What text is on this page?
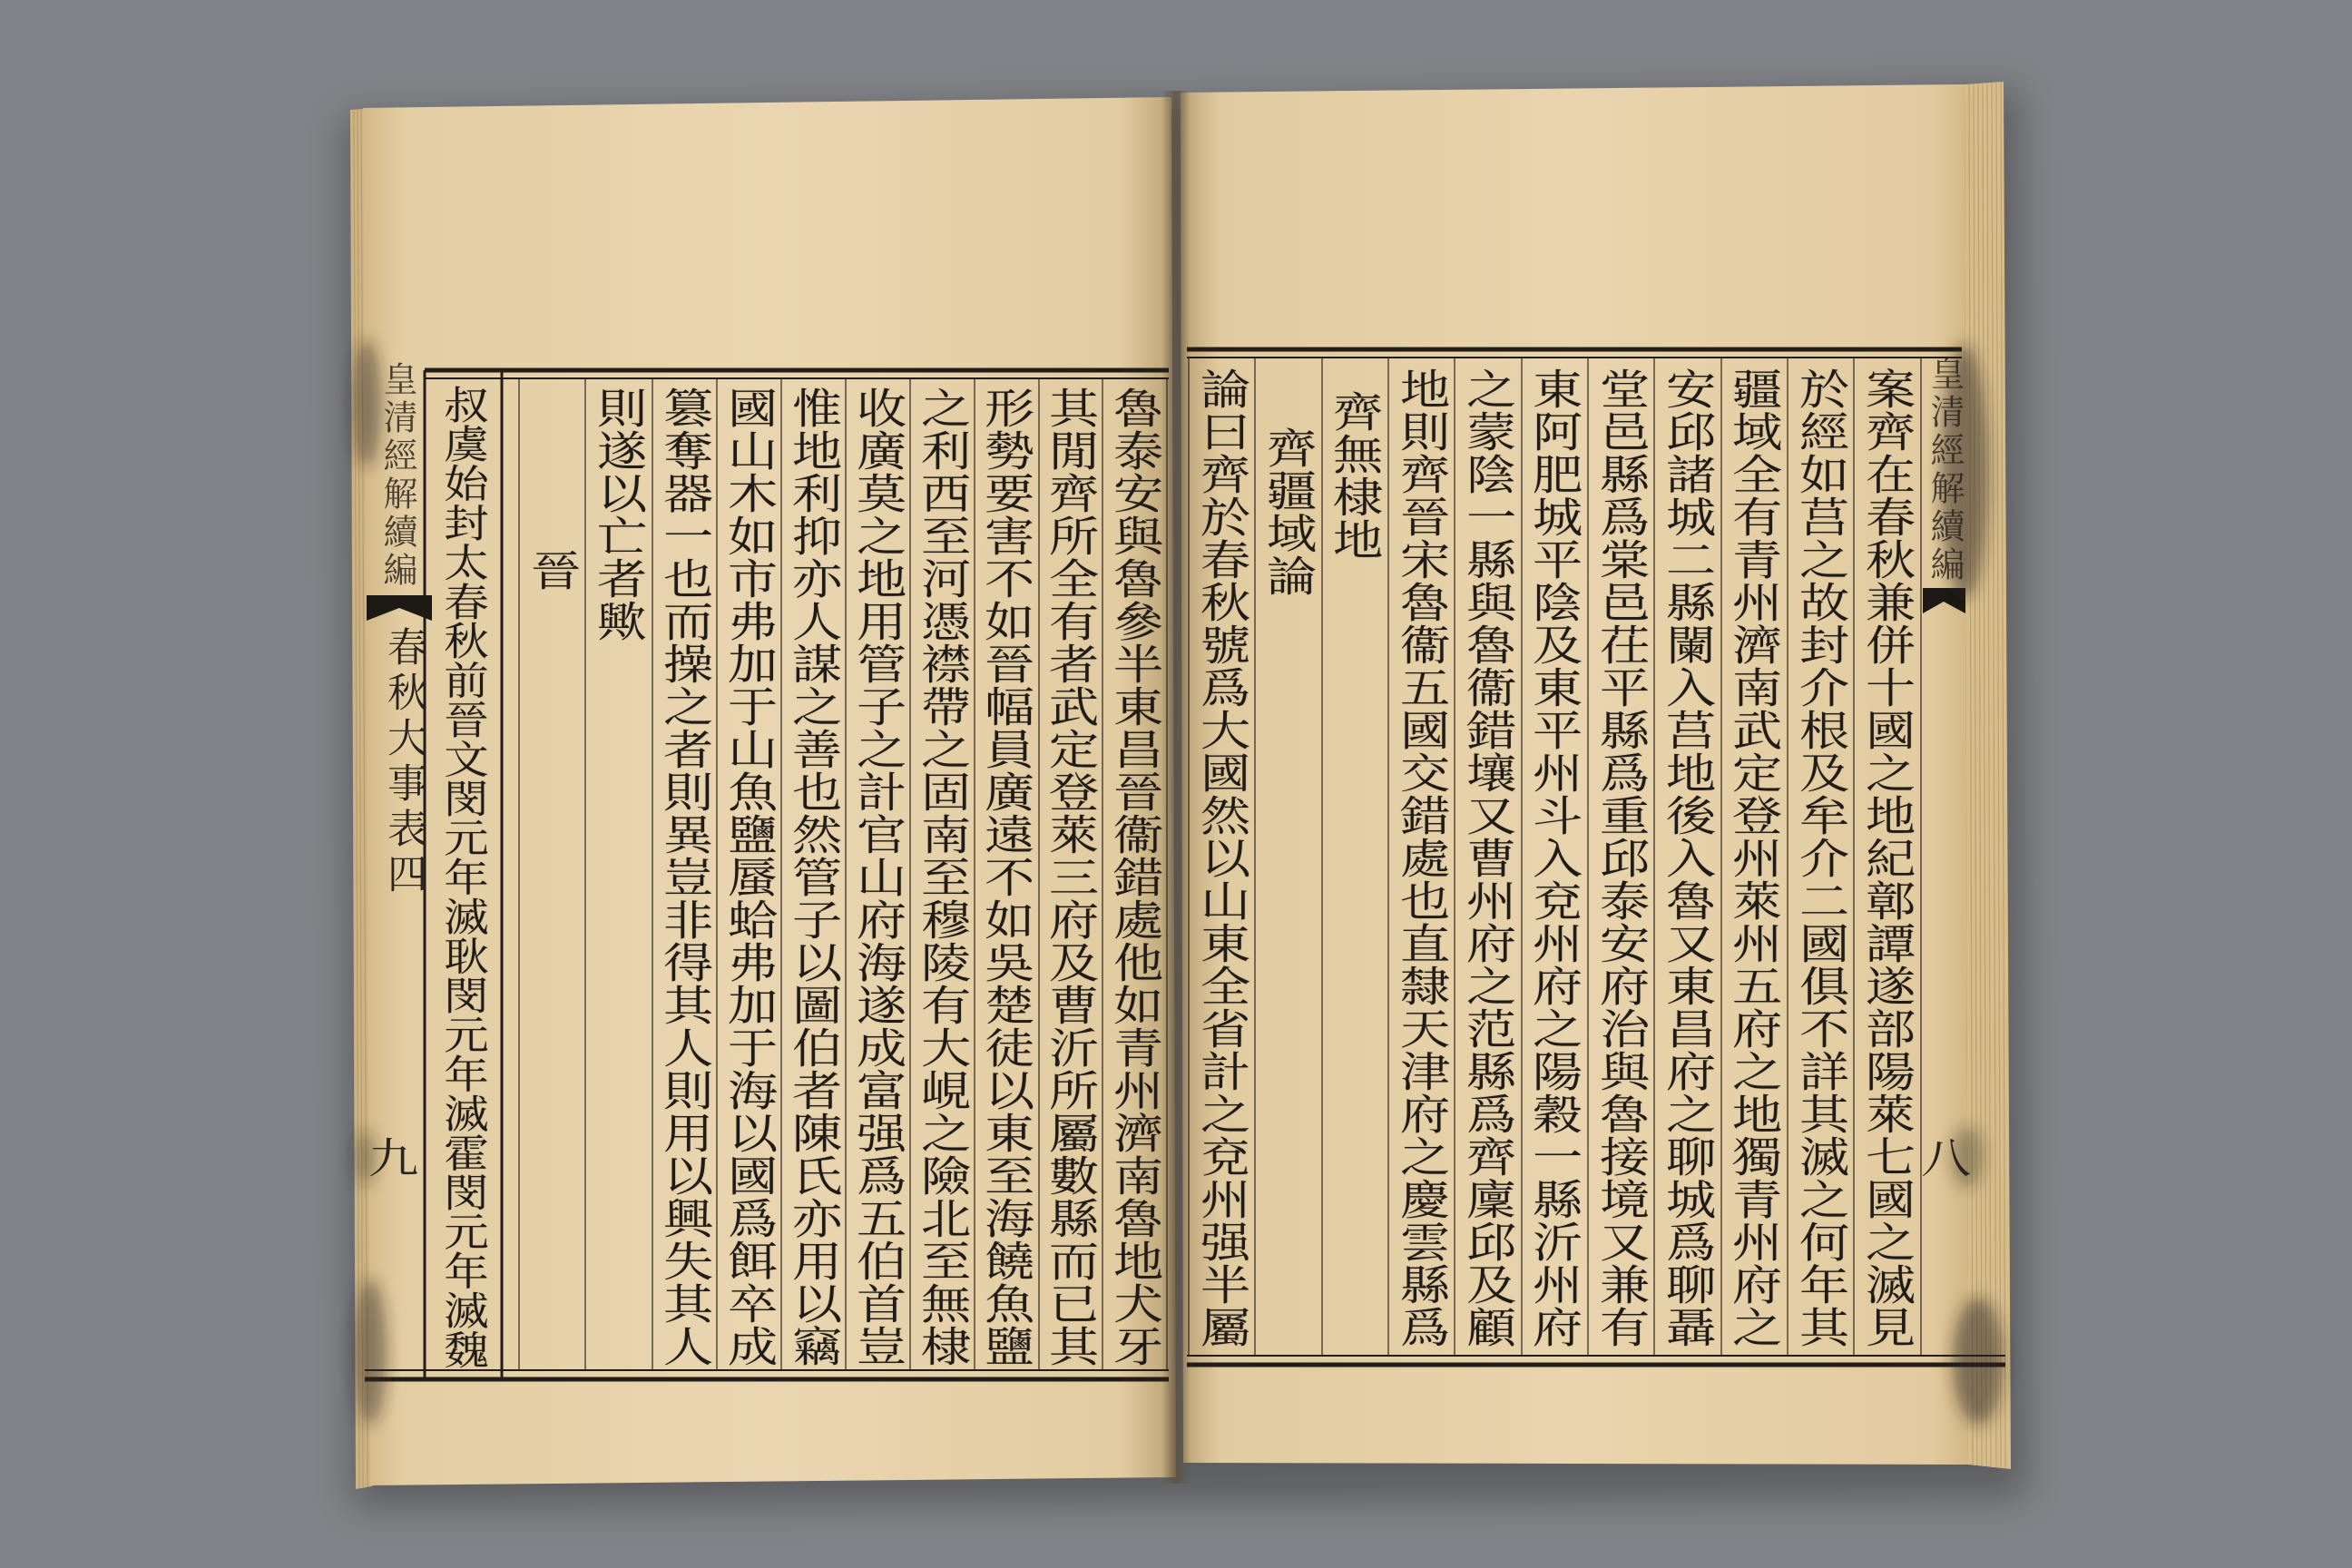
皇清經解續編
八
案齊在春秋兼併十國之地紀鄣譚遂部陽萊七國之滅見
於經如莒之故封介根及牟介二國俱不詳其滅之何年其
疆域全有青州濟南武定登州萊州五府之地獨青州府之
安邱諸城二縣闌入莒地後入魯又東昌府之聊城爲聊聶
堂邑縣爲棠邑茌平縣爲重邱泰安府治與魯接境又兼有
東阿肥城平陰及東平州斗入兗州府之陽穀一縣沂州府
之蒙陰一縣與魯衞錯壤又曹州府之范縣爲齊廩邱及顧
地則齊晉宋魯衞五國交錯處也直隸天津府之慶雲縣爲
齊無棣地
齊疆域論
論曰齊於春秋號爲大國然以山東全省計之兗州强半屬
魯泰安與魯參半東昌晉衞錯處他如青州濟南魯地犬牙
其閒齊所全有者武定登萊三府及曹沂所屬數縣而已其
形勢要害不如晉幅員廣遠不如吳楚徒以東至海饒魚鹽
之利西至河憑襟帶之固南至穆陵有大峴之險北至無棣
收廣莫之地用管子之計官山府海遂成富强爲五伯首豈
惟地利抑亦人謀之善也然管子以圖伯者陳氏亦用以竊
國山木如市弗加于山魚鹽蜃蛤弗加于海以國爲餌卒成
篡奪器一也而操之者則異豈非得其人則用以興失其人
則遂以亡者歟
晉
叔虞始封太春秋前晉文閔元年滅耿閔元年滅霍閔元年滅魏
皇清經解續編
春秋大事表四
九
